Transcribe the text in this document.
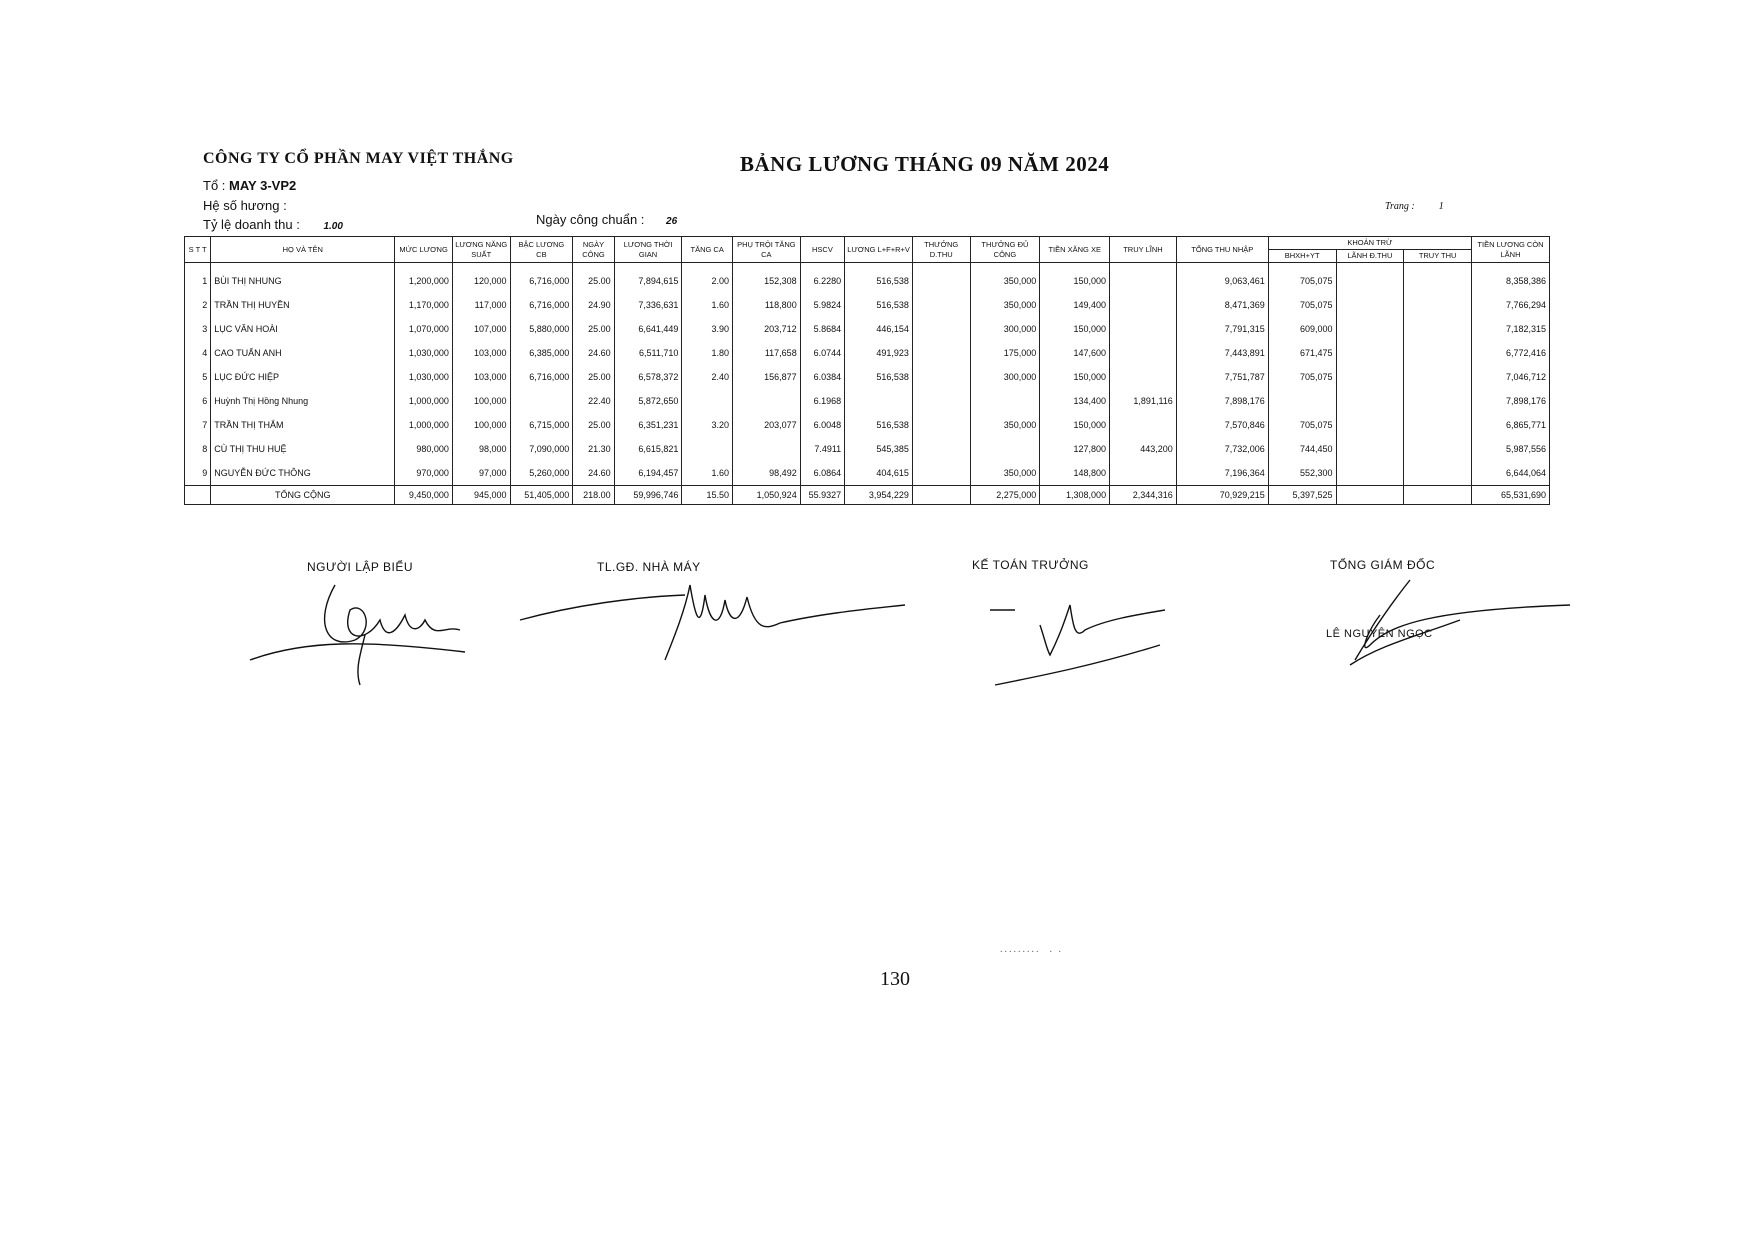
CÔNG TY CỔ PHẦN MAY VIỆT THẮNG	BẢNG LƯƠNG THÁNG 09 NĂM 2024
Tổ : MAY 3-VP2
Hệ số hương :
Tỷ lệ doanh thu : 1.00	Ngày công chuẩn : 26
Trang : 1
S T T	HỌ VÀ TÊN	MỨC LƯƠNG	LƯƠNG NĂNG SUẤT	BẬC LƯƠNG CB	NGÀY CÔNG	LƯƠNG THỜI GIAN	TĂNG CA	PHỤ TRỘI TĂNG CA	HSCV	LƯƠNG L+F+R+V	THƯỞNG D.THU	THƯỞNG ĐỦ CÔNG	TIỀN XĂNG XE	TRUY LĨNH	TỔNG THU NHẬP	KHOẢN TRỪ			TIỀN LƯƠNG CÒN LÃNH
																BHXH+YT	LÃNH Đ.THU	TRUY THU	
1	BÙI THỊ NHUNG	1,200,000	120,000	6,716,000	25.00	7,894,615	2.00	152,308	6.2280	516,538		350,000	150,000		9,063,461	705,075			8,358,386
2	TRẦN THỊ HUYỀN	1,170,000	117,000	6,716,000	24.90	7,336,631	1.60	118,800	5.9824	516,538		350,000	149,400		8,471,369	705,075			7,766,294
3	LỤC VĂN HOÀI	1,070,000	107,000	5,880,000	25.00	6,641,449	3.90	203,712	5.8684	446,154		300,000	150,000		7,791,315	609,000			7,182,315
4	CAO TUẤN ANH	1,030,000	103,000	6,385,000	24.60	6,511,710	1.80	117,658	6.0744	491,923		175,000	147,600		7,443,891	671,475			6,772,416
5	LỤC ĐỨC HIỆP	1,030,000	103,000	6,716,000	25.00	6,578,372	2.40	156,877	6.0384	516,538		300,000	150,000		7,751,787	705,075			7,046,712
6	Huỳnh Thị Hồng Nhung	1,000,000	100,000		22.40	5,872,650			6.1968				134,400	1,891,116	7,898,176				7,898,176
7	TRẦN THỊ THẮM	1,000,000	100,000	6,715,000	25.00	6,351,231	3.20	203,077	6.0048	516,538		350,000	150,000		7,570,846	705,075			6,865,771
8	CÙ THỊ THU HUỆ	980,000	98,000	7,090,000	21.30	6,615,821			7.4911	545,385			127,800	443,200	7,732,006	744,450			5,987,556
9	NGUYỄN ĐỨC THÔNG	970,000	97,000	5,260,000	24.60	6,194,457	1.60	98,492	6.0864	404,615		350,000	148,800		7,196,364	552,300			6,644,064
	TỔNG CỘNG	9,450,000	945,000	51,405,000	218.00	59,996,746	15.50	1,050,924	55.9327	3,954,229		2,275,000	1,308,000	2,344,316	70,929,215	5,397,525			65,531,690
NGƯỜI LẬP BIỂU	TL.GĐ. NHÀ MÁY	KẾ TOÁN TRƯỞNG	TỔNG GIÁM ĐỐC
LÊ NGUYÊN NGỌC
.........  . .
130
